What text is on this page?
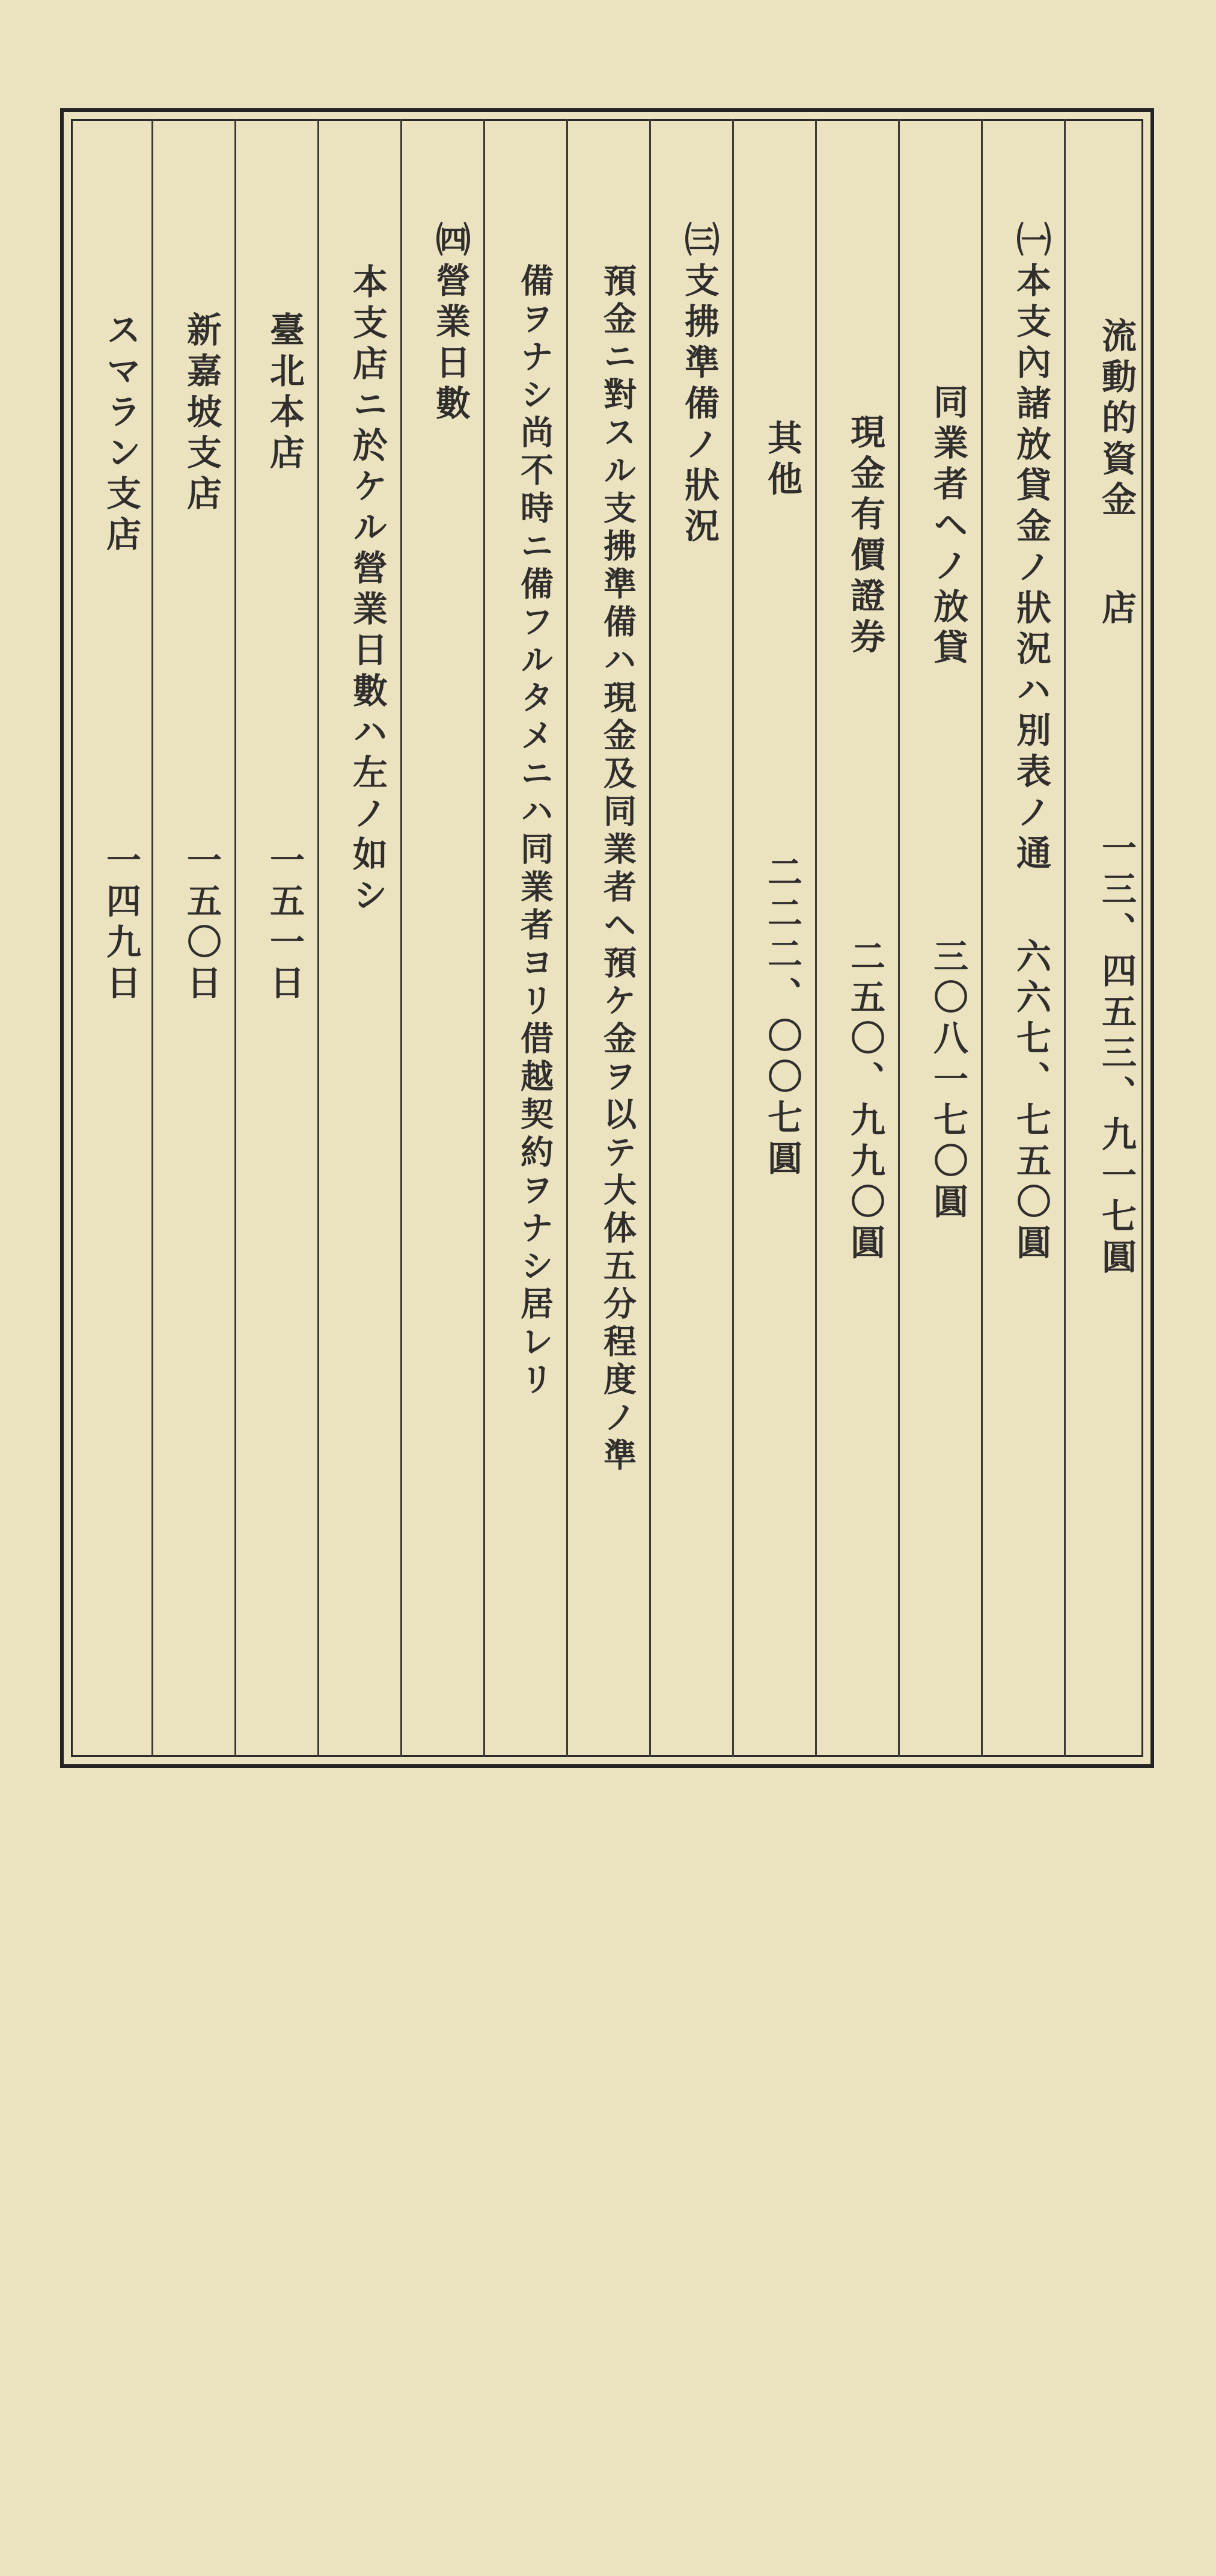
流動的資金
店
一三、四五三、九一七圓
㈠本支內諸放貸金ノ狀況ハ別表ノ通
六六七、七五〇圓
同業者ヘノ放貸
三〇八一七〇圓
現金有價證券
二五〇、九九〇圓
其他
二二二、〇〇七圓
㈢支拂準備ノ狀況
預金ニ對スル支拂準備ハ現金及同業者ヘ預ケ金ヲ以テ大体五分程度ノ準
備ヲナシ尚不時ニ備フルタメニハ同業者ヨリ借越契約ヲナシ居レリ
㈣營業日數
本支店ニ於ケル營業日數ハ左ノ如シ
臺北本店
一五一日
新嘉坡支店
一五〇日
スマラン支店
一四九日
